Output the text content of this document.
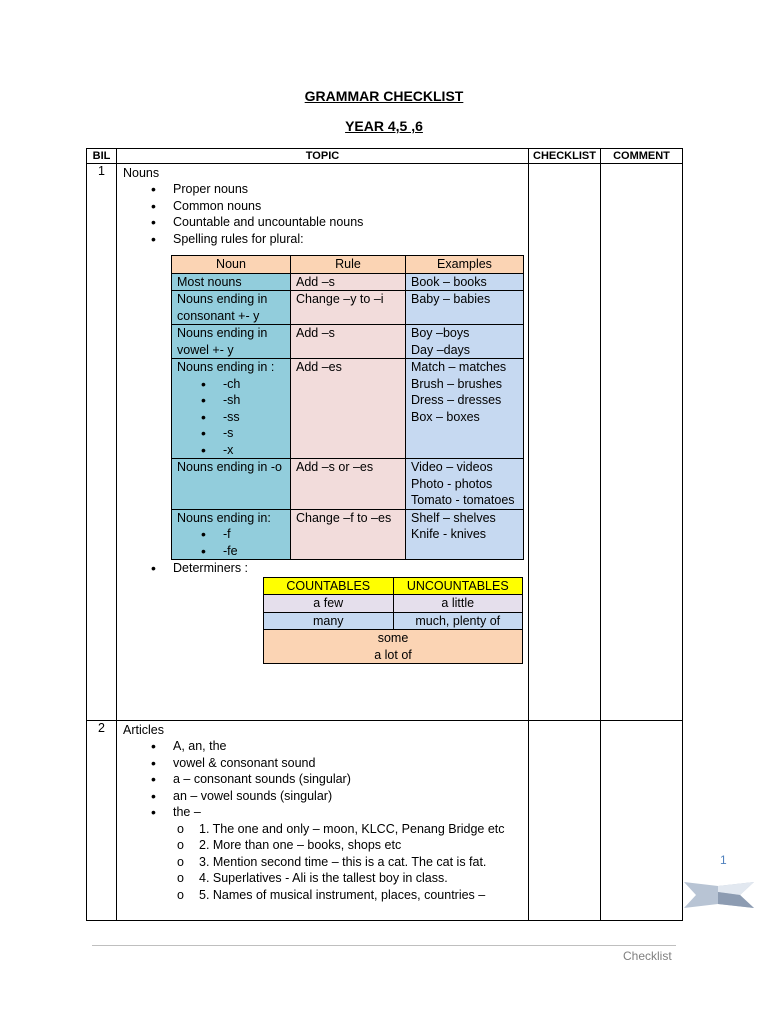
GRAMMAR CHECKLIST
YEAR 4,5 ,6
BIL	TOPIC	CHECKLIST	COMMENT
1	Nouns
• Proper nouns
• Common nouns
• Countable and uncountable nouns
• Spelling rules for plural:
Noun	Rule	Examples
Most nouns	Add –s	Book – books

Nouns ending in consonant +- y	Change –y to –i	Baby – babies

Nouns ending in vowel +- y	Add –s	Boy –boys
Day –days

Nouns ending in :
• -ch
• -sh
• -ss
• -s
• -x
	Add –es	Match – matches
Brush – brushes
Dress – dresses
Box – boxes

Nouns ending in -o	Add –s or –es	Video – videos
Photo - photos
Tomato - tomatoes

Nouns ending in:
• -f
• -fe
	Change –f to –es	Shelf – shelves
Knife - knives
• Determiners :
COUNTABLES	UNCOUNTABLES
a few	a little
many	much, plenty of

some
a lot of

2	Articles
• A, an, the
• vowel & consonant sound
• a – consonant sounds (singular)
• an – vowel sounds (singular)
• the –
o 1. The one and only – moon, KLCC, Penang Bridge etc
o 2. More than one – books, shops etc
o 3. Mention second time – this is a cat. The cat is fat.
o 4. Superlatives - Ali is the tallest boy in class.
o 5. Names of musical instrument, places, countries –

1
Checklist
